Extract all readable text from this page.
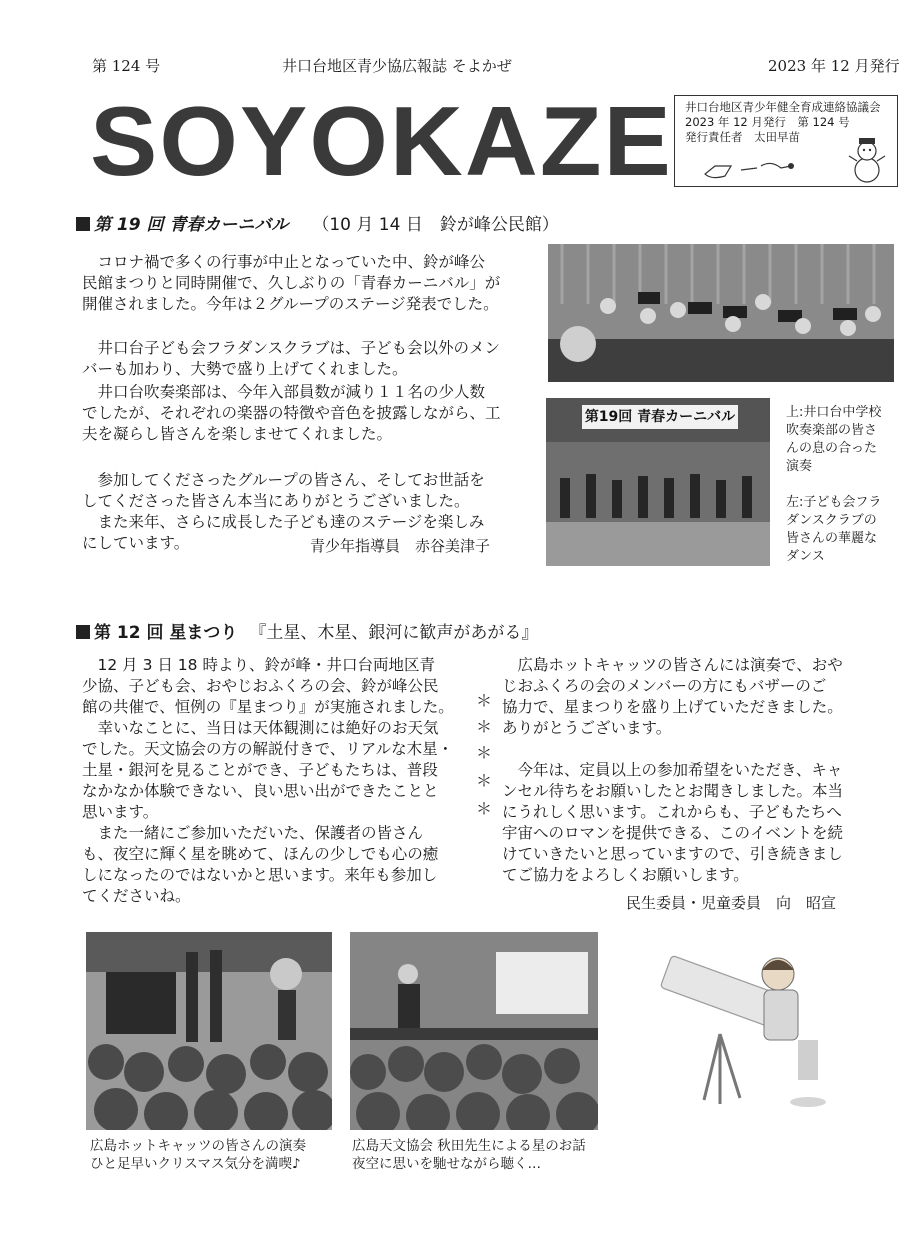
第 124 号	井口台地区青少協広報誌 そよかぜ	2023 年 12 月発行
SOYOKAZE 井口台地区青少年健全育成連絡協議会
2023 年 12 月発行　第 124 号
発行責任者　太田早苗
第 19 回 青春カーニバル （10 月 14 日　鈴が峰公民館）
　コロナ禍で多くの行事が中止となっていた中、鈴が峰公
民館まつりと同時開催で、久しぶりの「青春カーニバル」が
開催されました。今年は２グループのステージ発表でした。
　井口台子ども会フラダンスクラブは、子ども会以外のメン
バーも加わり、大勢で盛り上げてくれました。
　井口台吹奏楽部は、今年入部員数が減り１１名の少人数
でしたが、それぞれの楽器の特徴や音色を披露しながら、工
夫を凝らし皆さんを楽しませてくれました。
　参加してくださったグループの皆さん、そしてお世話を
してくださった皆さん本当にありがとうございました。
　また来年、さらに成長した子ども達のステージを楽しみ
にしています。	青少年指導員　赤谷美津子
第19回 青春カーニバル	上:井口台中学校
吹奏楽部の皆さ
んの息の合った
演奏
左:子ども会フラ
ダンスクラブの
皆さんの華麗な
ダンス
第 12 回 星まつり 『土星、木星、銀河に歓声があがる』
　12 月 3 日 18 時より、鈴が峰・井口台両地区青
少協、子ども会、おやじおふくろの会、鈴が峰公民
館の共催で、恒例の『星まつり』が実施されました。
　幸いなことに、当日は天体観測には絶好のお天気
でした。天文協会の方の解説付きで、リアルな木星・
土星・銀河を見ることができ、子どもたちは、普段
なかなか体験できない、良い思い出ができたことと
思います。
　また一緒にご参加いただいた、保護者の皆さん
も、夜空に輝く星を眺めて、ほんの少しでも心の癒
しになったのではないかと思います。来年も参加し
てくださいね。
＊
＊
＊
＊
＊
　広島ホットキャッツの皆さんには演奏で、おや
じおふくろの会のメンバーの方にもバザーのご
協力で、星まつりを盛り上げていただきました。
ありがとうございます。
　今年は、定員以上の参加希望をいただき、キャ
ンセル待ちをお願いしたとお聞きしました。本当
にうれしく思います。これからも、子どもたちへ
宇宙へのロマンを提供できる、このイベントを続
けていきたいと思っていますので、引き続きまし
てご協力をよろしくお願いします。
民生委員・児童委員　向　昭宣
広島ホットキャッツの皆さんの演奏
ひと足早いクリスマス気分を満喫♪
広島天文協会 秋田先生による星のお話
夜空に思いを馳せながら聴く…
